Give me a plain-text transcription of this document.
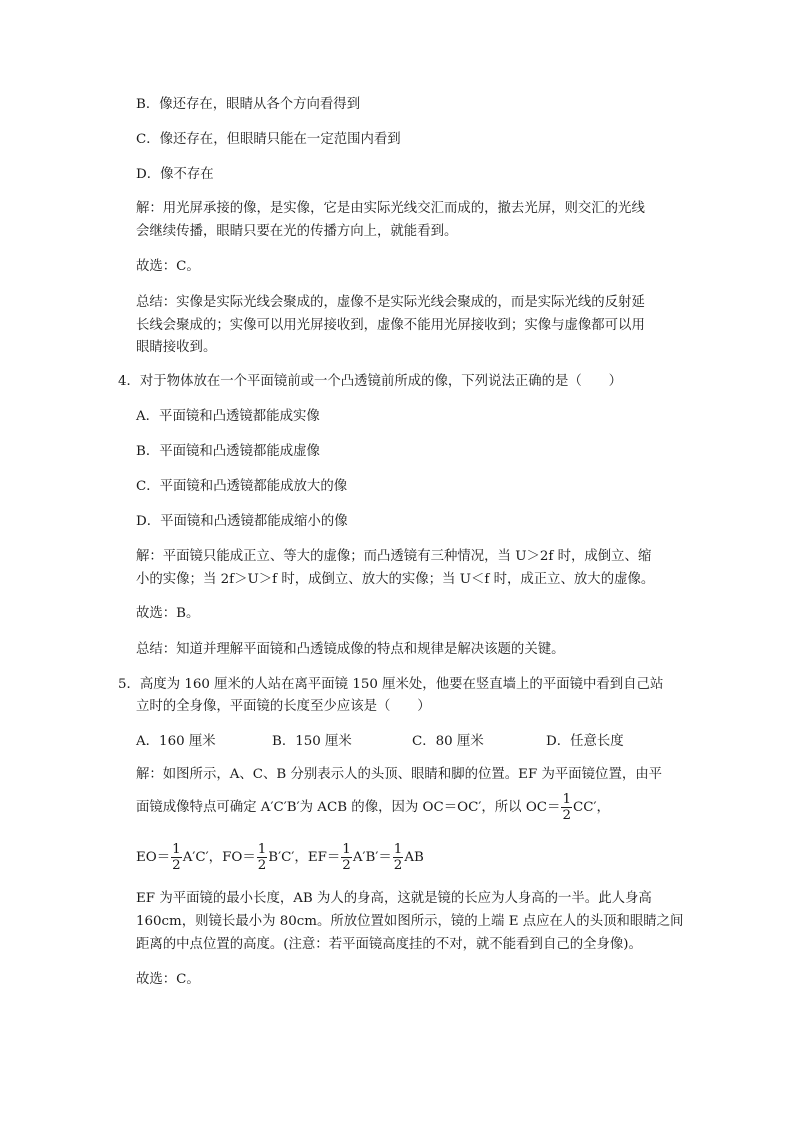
B．像还存在，眼睛从各个方向看得到
C．像还存在，但眼睛只能在一定范围内看到
D．像不存在
解：用光屏承接的像，是实像，它是由实际光线交汇而成的，撤去光屏，则交汇的光线
会继续传播，眼睛只要在光的传播方向上，就能看到。
故选：C。
总结：实像是实际光线会聚成的，虚像不是实际光线会聚成的，而是实际光线的反射延
长线会聚成的；实像可以用光屏接收到，虚像不能用光屏接收到；实像与虚像都可以用
眼睛接收到。
4．对于物体放在一个平面镜前或一个凸透镜前所成的像，下列说法正确的是（　　）
A．平面镜和凸透镜都能成实像
B．平面镜和凸透镜都能成虚像
C．平面镜和凸透镜都能成放大的像
D．平面镜和凸透镜都能成缩小的像
解：平面镜只能成正立、等大的虚像；而凸透镜有三种情况，当 U＞2f 时，成倒立、缩
小的实像；当 2f＞U＞f 时，成倒立、放大的实像；当 U＜f 时，成正立、放大的虚像。
故选：B。
总结：知道并理解平面镜和凸透镜成像的特点和规律是解决该题的关键。
5．高度为 160 厘米的人站在离平面镜 150 厘米处，他要在竖直墙上的平面镜中看到自己站
立时的全身像，平面镜的长度至少应该是（　　）
A．160 厘米	B．150 厘米	C．80 厘米	D．任意长度
解：如图所示，A、C、B 分别表示人的头顶、眼睛和脚的位置。EF 为平面镜位置，由平
面镜成像特点可确定 A′C′B′为 ACB 的像，因为 OC＝OC′，所以 $OC= \frac{1}{2} CC'$，
$EO= \frac{1}{2} A'C'$，$FO= \frac{1}{2} B'C'$，$EF= \frac{1}{2} A'B'= \frac{1}{2}$ AB
EF 为平面镜的最小长度，AB 为人的身高，这就是镜的长应为人身高的一半。此人身高
160cm，则镜长最小为 80cm。所放位置如图所示，镜的上端 E 点应在人的头顶和眼睛之间
距离的中点位置的高度。(注意：若平面镜高度挂的不对，就不能看到自己的全身像)。
故选：C。
